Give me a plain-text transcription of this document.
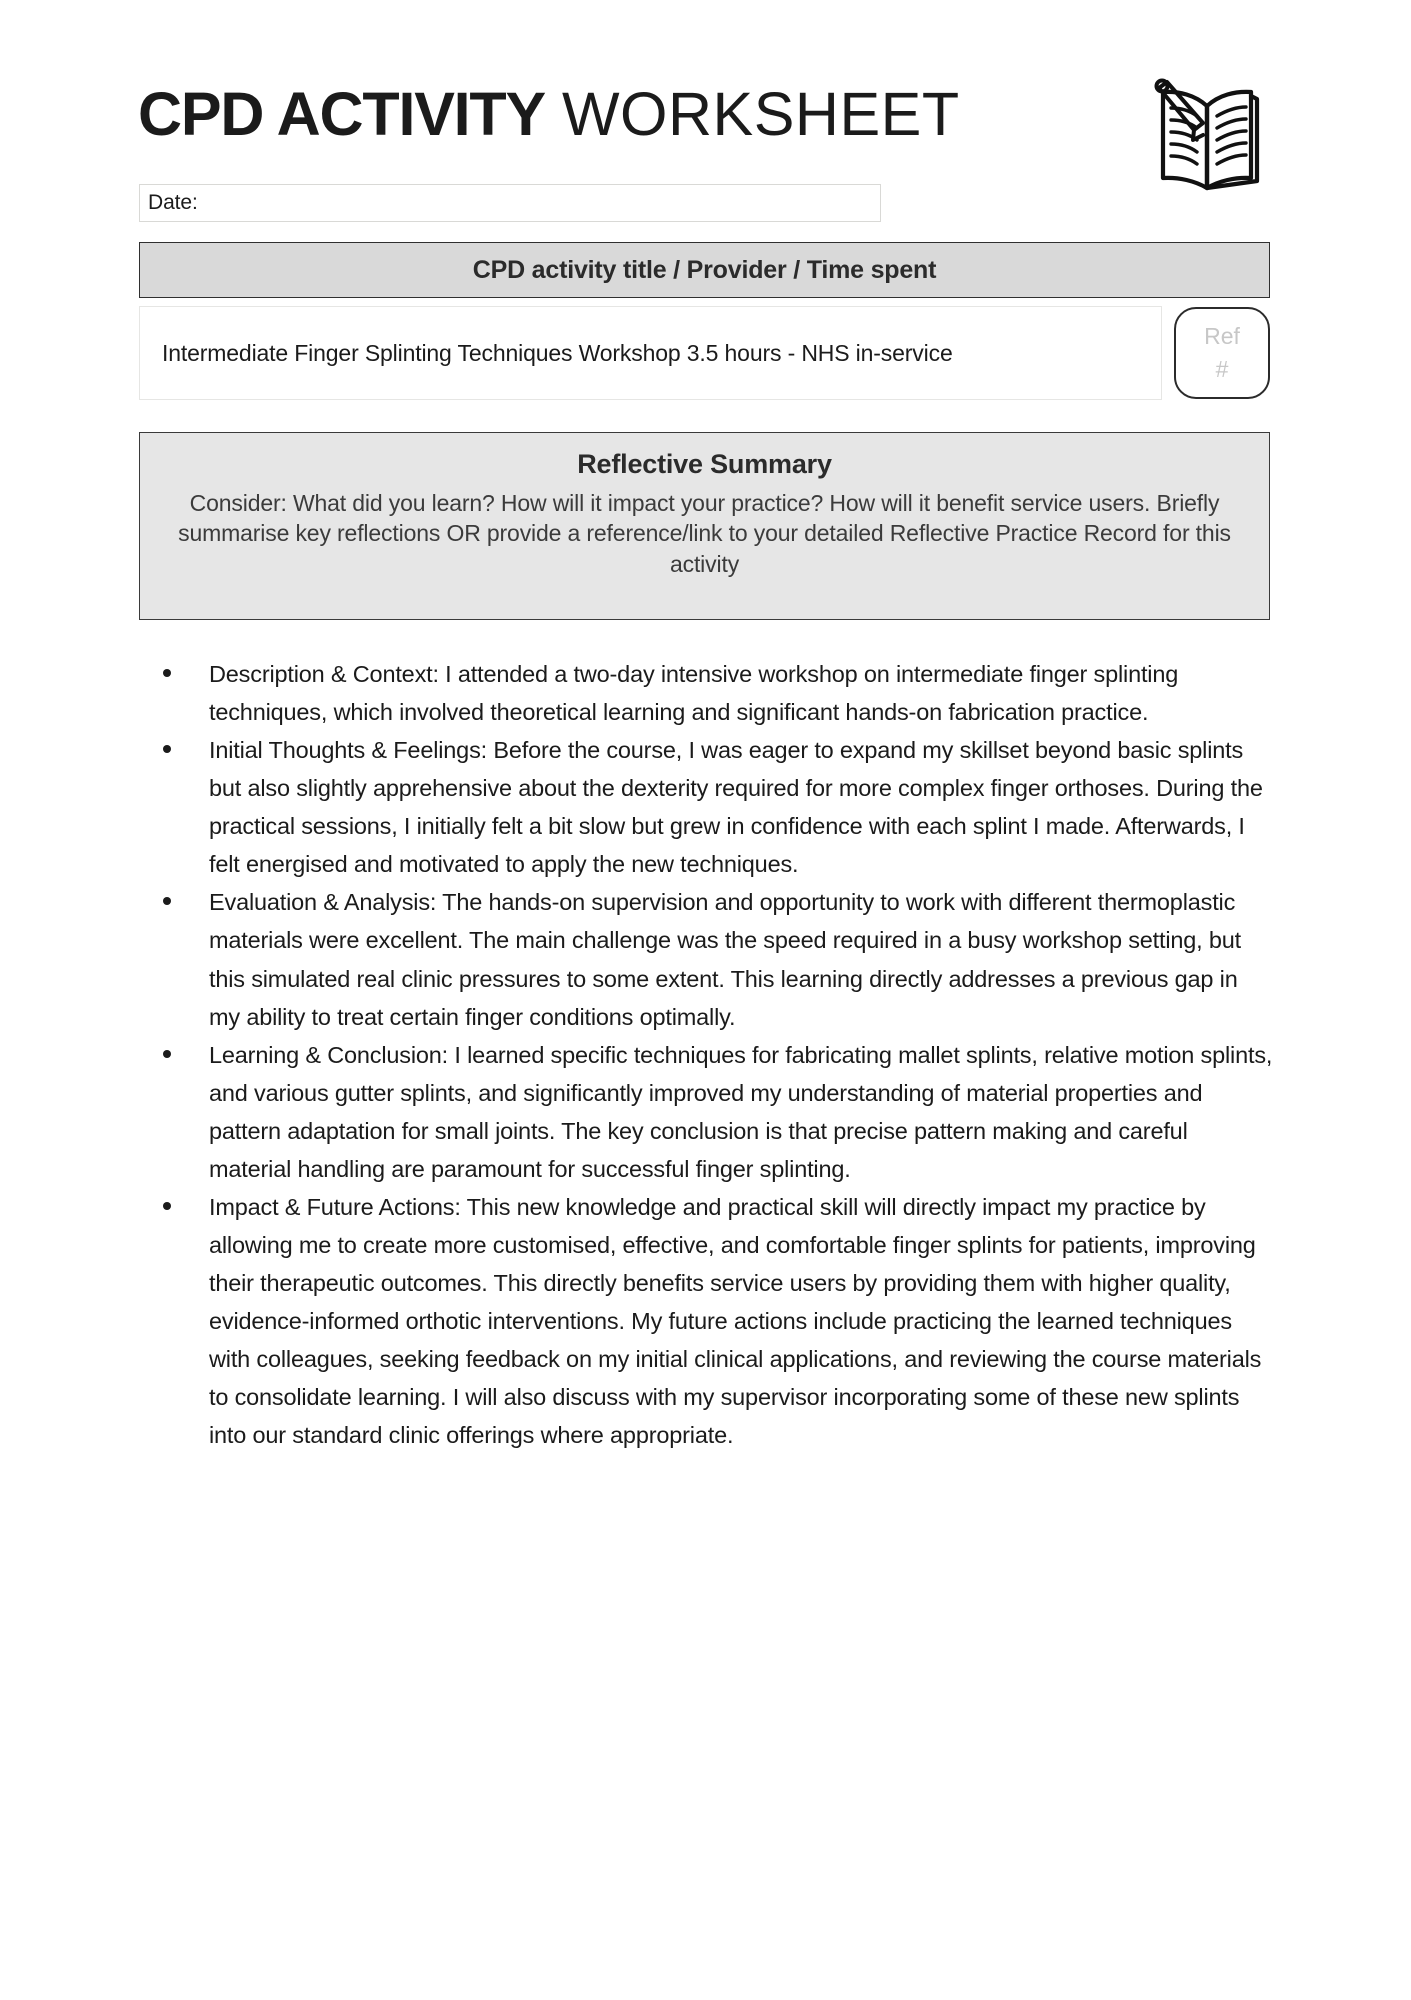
CPD ACTIVITY WORKSHEET
Date:
CPD activity title / Provider / Time spent
Intermediate Finger Splinting Techniques Workshop 3.5 hours - NHS in-service
Ref
#
Reflective Summary
Consider: What did you learn? How will it impact your practice? How will it benefit service users. Briefly summarise key reflections OR provide a reference/link to your detailed Reflective Practice Record for this activity
Description & Context: I attended a two-day intensive workshop on intermediate finger splinting techniques, which involved theoretical learning and significant hands-on fabrication practice.
Initial Thoughts & Feelings: Before the course, I was eager to expand my skillset beyond basic splints but also slightly apprehensive about the dexterity required for more complex finger orthoses. During the practical sessions, I initially felt a bit slow but grew in confidence with each splint I made. Afterwards, I felt energised and motivated to apply the new techniques.
Evaluation & Analysis: The hands-on supervision and opportunity to work with different thermoplastic materials were excellent. The main challenge was the speed required in a busy workshop setting, but this simulated real clinic pressures to some extent. This learning directly addresses a previous gap in my ability to treat certain finger conditions optimally.
Learning & Conclusion: I learned specific techniques for fabricating mallet splints, relative motion splints, and various gutter splints, and significantly improved my understanding of material properties and pattern adaptation for small joints. The key conclusion is that precise pattern making and careful material handling are paramount for successful finger splinting.
Impact & Future Actions: This new knowledge and practical skill will directly impact my practice by allowing me to create more customised, effective, and comfortable finger splints for patients, improving their therapeutic outcomes. This directly benefits service users by providing them with higher quality, evidence-informed orthotic interventions. My future actions include practicing the learned techniques with colleagues, seeking feedback on my initial clinical applications, and reviewing the course materials to consolidate learning. I will also discuss with my supervisor incorporating some of these new splints into our standard clinic offerings where appropriate.
